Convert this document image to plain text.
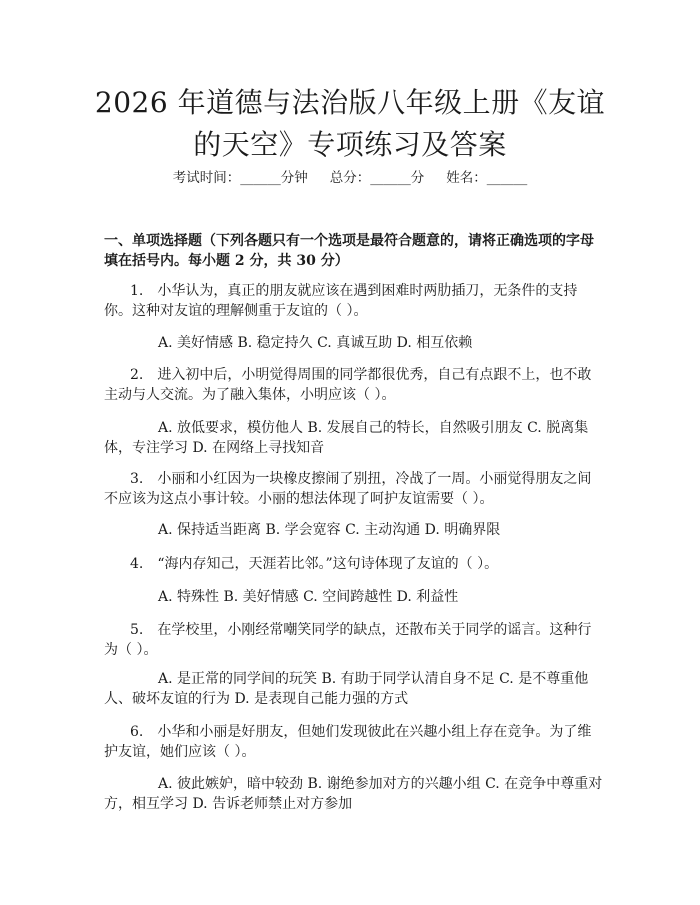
2026 年道德与法治版八年级上册《友谊的天空》专项练习及答案
考试时间：______分钟 总分：______分 姓名：______
一、单项选择题（下列各题只有一个选项是最符合题意的，请将正确选项的字母填在括号内。每小题 2 分，共 30 分）
1.　小华认为，真正的朋友就应该在遇到困难时两肋插刀，无条件的支持你。这种对友谊的理解侧重于友谊的（ ）。
A. 美好情感 B. 稳定持久 C. 真诚互助 D. 相互依赖
2.　进入初中后，小明觉得周围的同学都很优秀，自己有点跟不上，也不敢主动与人交流。为了融入集体，小明应该（ ）。
A. 放低要求，模仿他人 B. 发展自己的特长，自然吸引朋友 C. 脱离集体，专注学习 D. 在网络上寻找知音
3.　小丽和小红因为一块橡皮擦闹了别扭，冷战了一周。小丽觉得朋友之间不应该为这点小事计较。小丽的想法体现了呵护友谊需要（ ）。
A. 保持适当距离 B. 学会宽容 C. 主动沟通 D. 明确界限
4.　“海内存知己，天涯若比邻。”这句诗体现了友谊的（ ）。
A. 特殊性 B. 美好情感 C. 空间跨越性 D. 利益性
5.　在学校里，小刚经常嘲笑同学的缺点，还散布关于同学的谣言。这种行为（ ）。
A. 是正常的同学间的玩笑 B. 有助于同学认清自身不足 C. 是不尊重他人、破坏友谊的行为 D. 是表现自己能力强的方式
6.　小华和小丽是好朋友，但她们发现彼此在兴趣小组上存在竞争。为了维护友谊，她们应该（ ）。
A. 彼此嫉妒，暗中较劲 B. 谢绝参加对方的兴趣小组 C. 在竞争中尊重对方，相互学习 D. 告诉老师禁止对方参加
